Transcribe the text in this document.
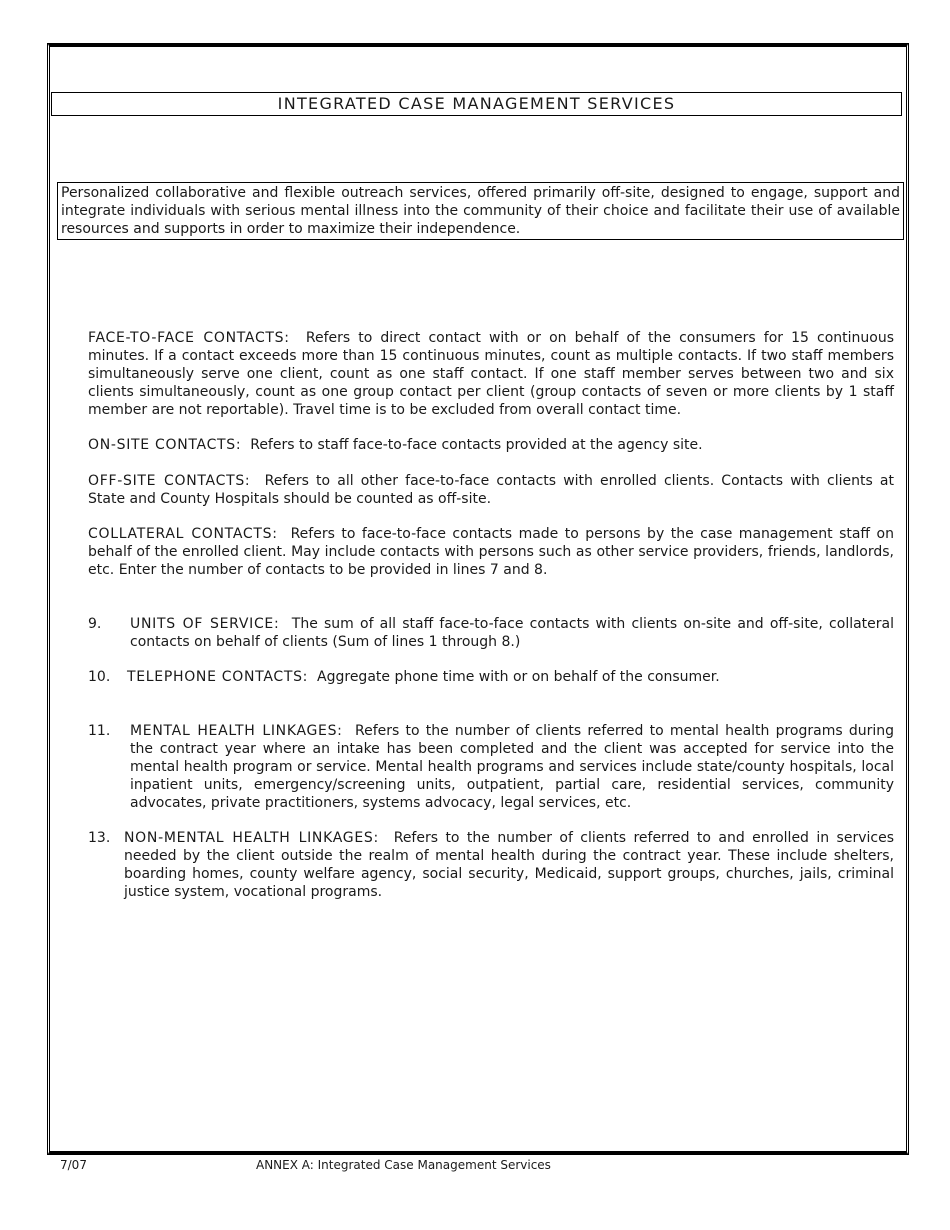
INTEGRATED CASE MANAGEMENT SERVICES
Personalized collaborative and flexible outreach services, offered primarily off-site, designed to engage, support and integrate individuals with serious mental illness into the community of their choice and facilitate their use of available resources and supports in order to maximize their independence.
FACE-TO-FACE CONTACTS: Refers to direct contact with or on behalf of the consumers for 15 continuous minutes. If a contact exceeds more than 15 continuous minutes, count as multiple contacts. If two staff members simultaneously serve one client, count as one staff contact. If one staff member serves between two and six clients simultaneously, count as one group contact per client (group contacts of seven or more clients by 1 staff member are not reportable). Travel time is to be excluded from overall contact time.
ON-SITE CONTACTS: Refers to staff face-to-face contacts provided at the agency site.
OFF-SITE CONTACTS: Refers to all other face-to-face contacts with enrolled clients. Contacts with clients at State and County Hospitals should be counted as off-site.
COLLATERAL CONTACTS: Refers to face-to-face contacts made to persons by the case management staff on behalf of the enrolled client. May include contacts with persons such as other service providers, friends, landlords, etc. Enter the number of contacts to be provided in lines 7 and 8.
9. UNITS OF SERVICE: The sum of all staff face-to-face contacts with clients on-site and off-site, collateral contacts on behalf of clients (Sum of lines 1 through 8.)
10. TELEPHONE CONTACTS: Aggregate phone time with or on behalf of the consumer.
11. MENTAL HEALTH LINKAGES: Refers to the number of clients referred to mental health programs during the contract year where an intake has been completed and the client was accepted for service into the mental health program or service. Mental health programs and services include state/county hospitals, local inpatient units, emergency/screening units, outpatient, partial care, residential services, community advocates, private practitioners, systems advocacy, legal services, etc.
13. NON-MENTAL HEALTH LINKAGES: Refers to the number of clients referred to and enrolled in services needed by the client outside the realm of mental health during the contract year. These include shelters, boarding homes, county welfare agency, social security, Medicaid, support groups, churches, jails, criminal justice system, vocational programs.
7/07	ANNEX A: Integrated Case Management Services
